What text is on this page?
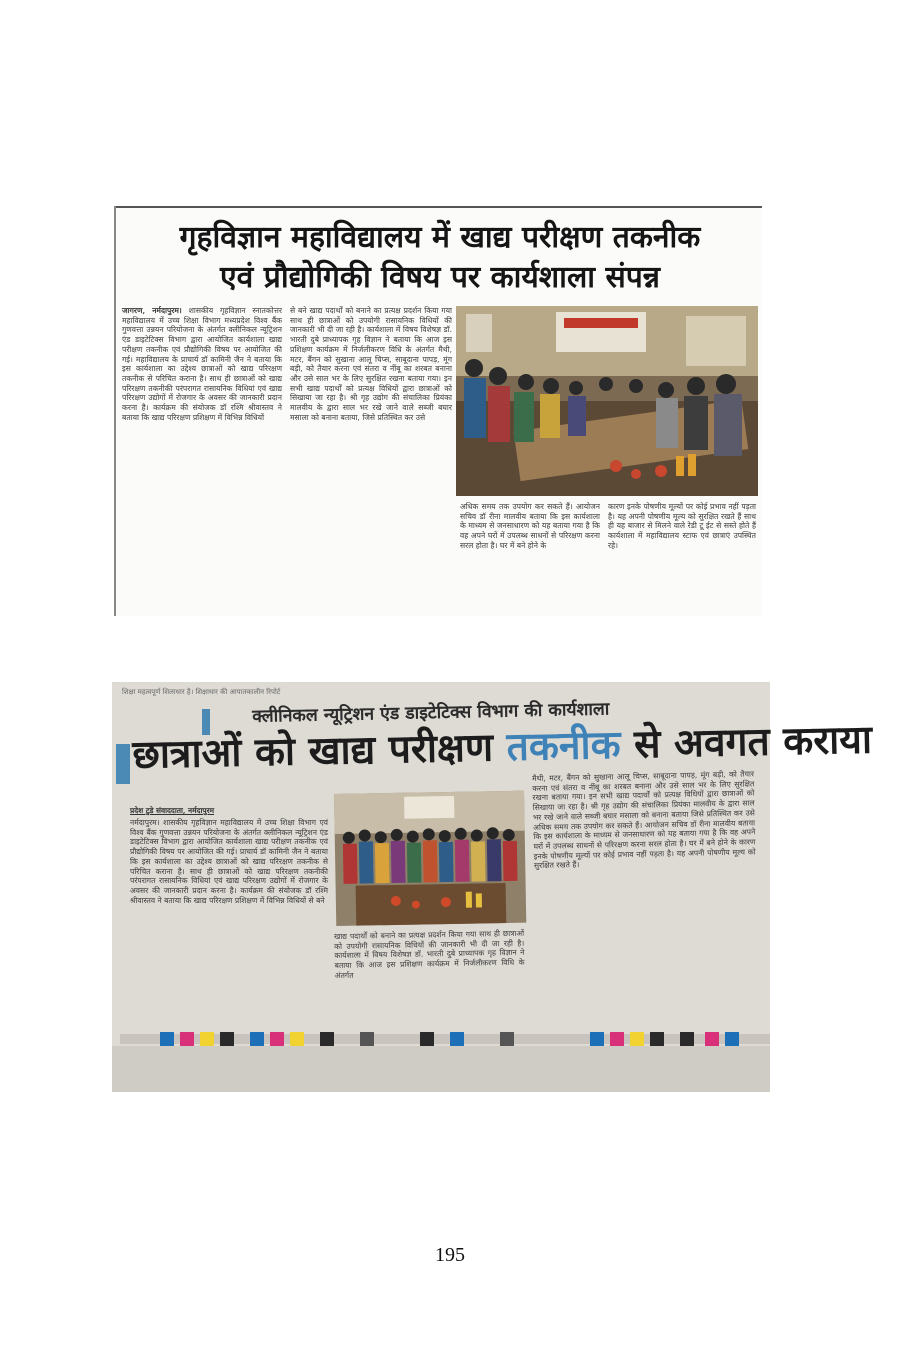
गृहविज्ञान महाविद्यालय में खाद्य परीक्षण तकनीक
एवं प्रौद्योगिकी विषय पर कार्यशाला संपन्न
जागरण, नर्मदापुरम। शासकीय गृहविज्ञान स्नातकोत्तर महाविद्यालय में उच्च शिक्षा विभाग मध्यप्रदेश विश्व बैंक गुणवत्ता उन्नयन परियोजना के अंतर्गत क्लीनिकल न्यूट्रिशन एंड डाइटेटिक्स विभाग द्वारा आयोजित कार्यशाला खाद्य परीक्षण तकनीक एवं प्रौद्योगिकी विषय पर आयोजित की गई। महाविद्यालय के प्राचार्य डॉ कामिनी जैन ने बताया कि इस कार्यशाला का उद्देश्य छात्राओं को खाद्य परिरक्षण तकनीक से परिचित कराना है। साथ ही छात्राओं को खाद्य परिरक्षण तकनीकी परंपरागत रासायनिक विधियां एवं खाद्य परिरक्षण उद्योगों में रोजगार के अवसर की जानकारी प्रदान करना है। कार्यक्रम की संयोजक डॉ रश्मि श्रीवास्तव ने बताया कि खाद्य परिरक्षण प्रशिक्षण में विभिन्न विधियों
से बने खाद्य पदार्थों को बनाने का प्रत्यक्ष प्रदर्शन किया गया साथ ही छात्राओं को उपयोगी रासायनिक विधियों की जानकारी भी दी जा रही है। कार्यशाला में विषय विशेषज्ञ डॉ. भारती दुबे प्राध्यापक गृह विज्ञान ने बताया कि आज इस प्रशिक्षण कार्यक्रम में निर्जलीकरण विधि के अंतर्गत मैथी, मटर, बैंगन को सुखाना आलू चिप्स, साबूदाना पापड़, मूंग बड़ी, को तैयार करना एवं संतरा व नींबू का शरबत बनाना और उसे साल भर के लिए सुरक्षित रखना बताया गया। इन सभी खाद्य पदार्थों को प्रत्यक्ष विधियों द्वारा छात्राओं को सिखाया जा रहा है। श्री गृह उद्योग की संचालिका प्रियंका मालवीय के द्वारा साल भर रखे जाने वाले सब्जी बघार मसाला को बनाना बताया, जिसे प्रतिस्थित कर उसे
अधिक समय तक उपयोग कर सकते हैं। आयोजन सचिव डॉ रीना मालवीय बताया कि इस कार्यशाला के माध्यम से जनसाधारण को यह बताया गया है कि वह अपने घरों में उपलब्ध साधनों से परिरक्षण करना सरल होता है। घर में बने होने के
कारण इनके पोषणीय मूल्यों पर कोई प्रभाव नहीं पड़ता है। यह अपनी पोषणीय मूल्य को सुरक्षित रखते हैं साथ ही यह बाजार से मिलने वाले रेडी टू ईट से सस्ते होते हैं कार्यशाला में महाविद्यालय स्टाफ एवं छात्राएं उपस्थित रहे।
शिक्षा महत्वपूर्ण शिलाधार है। शिक्षाधार की आपातकालीन रिपोर्ट
क्लीनिकल न्यूट्रिशन एंड डाइटेटिक्स विभाग की कार्यशाला
छात्राओं को खाद्य परीक्षण तकनीक से अवगत कराया
प्रदेश टुडे संवाददाता, नर्मदापुरम
नर्मदापुरम। शासकीय गृहविज्ञान महाविद्यालय में उच्च शिक्षा विभाग एवं विश्व बैंक गुणवत्ता उन्नयन परियोजना के अंतर्गत क्लीनिकल न्यूट्रिशन एंड डाइटेटिक्स विभाग द्वारा आयोजित कार्यशाला खाद्य परीक्षण तकनीक एवं प्रौद्योगिकी विषय पर आयोजित की गई। प्राचार्य डॉ कामिनी जैन ने बताया कि इस कार्यशाला का उद्देश्य छात्राओं को खाद्य परिरक्षण तकनीक से परिचित कराना है। साथ ही छात्राओं को खाद्य परिरक्षण तकनीकी परंपरागत रासायनिक विधियां एवं खाद्य परिरक्षण उद्योगों में रोजगार के अवसर की जानकारी प्रदान करना है। कार्यक्रम की संयोजक डॉ रश्मि श्रीवास्तव ने बताया कि खाद्य परिरक्षण प्रशिक्षण में विभिन्न विधियों से बने
खाद्य पदार्थों को बनाने का प्रत्यक्ष प्रदर्शन किया गया साथ ही छात्राओं को उपयोगी रासायनिक विधियों की जानकारी भी दी जा रही है। कार्यशाला में विषय विशेषज्ञ डॉ. भारती दुबे प्राध्यापक गृह विज्ञान ने बताया कि आज इस प्रशिक्षण कार्यक्रम में निर्जलीकरण विधि के अंतर्गत
मैथी, मटर, बैंगन को सुखाना आलू चिप्स, साबूदाना पापड़, मूंग बड़ी, को तैयार करना एवं संतरा व नींबू का शरबत बनाना और उसे साल भर के लिए सुरक्षित रखना बताया गया। इन सभी खाद्य पदार्थों को प्रत्यक्ष विधियों द्वारा छात्राओं को सिखाया जा रहा है। श्री गृह उद्योग की संचालिका प्रियंका मालवीय के द्वारा साल भर रखे जाने वाले सब्जी बघार मसाला को बनाना बताया जिसे प्रतिस्थित कर उसे अधिक समय तक उपयोग कर सकते हैं। आयोजन सचिव डॉ रीना मालवीय बताया कि इस कार्यशाला के माध्यम से जनसाधारण को यह बताया गया है कि वह अपने घरों में उपलब्ध साधनों से परिरक्षण करना सरल होता है। घर में बने होने के कारण इनके पोषणीय मूल्यों पर कोई प्रभाव नहीं पड़ता है। यह अपनी पोषणीय मूल्य को सुरक्षित रखते हैं।
195
